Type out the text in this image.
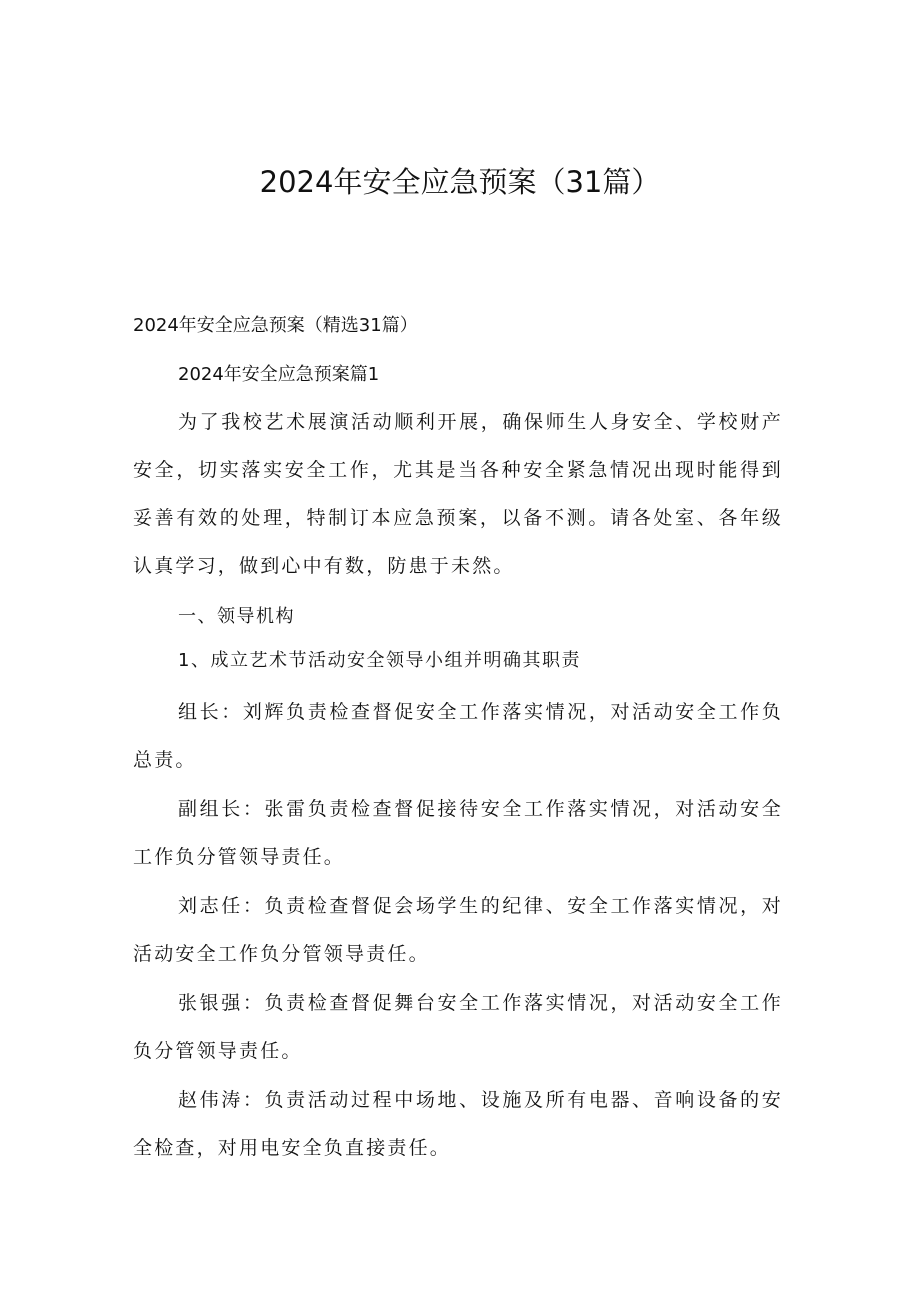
2024年安全应急预案（31篇）
2024年安全应急预案（精选31篇）
2024年安全应急预案篇1

为了我校艺术展演活动顺利开展，确保师生人身安全、学校财产安全，切实落实安全工作，尤其是当各种安全紧急情况出现时能得到妥善有效的处理，特制订本应急预案，以备不测。请各处室、各年级认真学习，做到心中有数，防患于未然。

一、领导机构
1、成立艺术节活动安全领导小组并明确其职责

组长：刘辉负责检查督促安全工作落实情况，对活动安全工作负总责。

副组长：张雷负责检查督促接待安全工作落实情况，对活动安全工作负分管领导责任。

刘志任：负责检查督促会场学生的纪律、安全工作落实情况，对活动安全工作负分管领导责任。

张银强：负责检查督促舞台安全工作落实情况，对活动安全工作负分管领导责任。

赵伟涛：负责活动过程中场地、设施及所有电器、音响设备的安全检查，对用电安全负直接责任。
